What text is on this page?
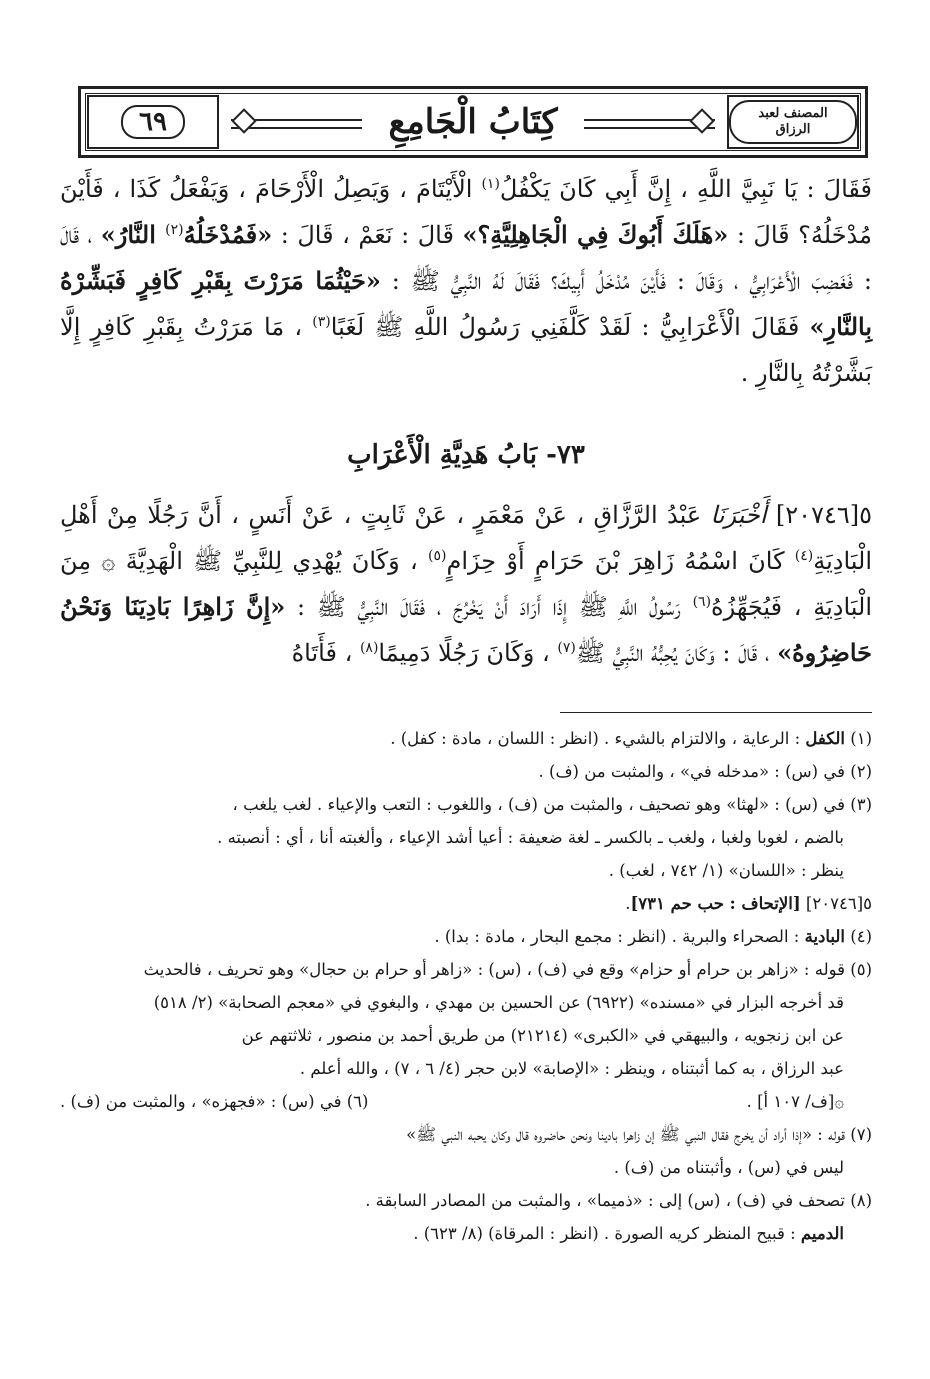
٦٩	كِتَابُ الْجَامِعِ	المصنف لعبد الرزاق

فَقَالَ : يَا نَبِيَّ اللَّهِ ، إِنَّ أَبِي كَانَ يَكْفُلُ$^{(١)}$ الْأَيْتَامَ ، وَيَصِلُ الْأَرْحَامَ ، وَيَفْعَلُ كَذَا ، فَأَيْنَ مُدْخَلُهُ؟ قَالَ : «هَلَكَ أَبُوكَ فِي الْجَاهِلِيَّةِ؟» قَالَ : نَعَمْ ، قَالَ : «فَمُدْخَلُهُ$^{(٢)}$ النَّارُ» ، قَالَ : فَغَضِبَ الْأَعْرَابِيُّ ، وَقَالَ : فَأَيْنَ مُدْخَلُ أَبِيكَ؟ فَقَالَ لَهُ النَّبِيُّ ﷺ : «حَيْثُمَا مَرَرْتَ بِقَبْرِ كَافِرٍ فَبَشِّرْهُ بِالنَّارِ» فَقَالَ الْأَعْرَابِيُّ : لَقَدْ كَلَّفَنِي رَسُولُ اللَّهِ ﷺ لَغَبًا$^{(٣)}$ ، مَا مَرَرْتُ بِقَبْرِ كَافِرٍ إِلَّا بَشَّرْتُهُ بِالنَّارِ .

٧٣- بَابُ هَدِيَّةِ الْأَعْرَابِ

٥[٢٠٧٤٦] أَخْبَرَنَا عَبْدُ الرَّزَّاقِ ، عَنْ مَعْمَرٍ ، عَنْ ثَابِتٍ ، عَنْ أَنَسٍ ، أَنَّ رَجُلًا مِنْ أَهْلِ الْبَادِيَةِ$^{(٤)}$ كَانَ اسْمُهُ زَاهِرَ بْنَ حَرَامٍ أَوْ حِزَامٍ$^{(٥)}$ ، وَكَانَ يُهْدِي لِلنَّبِيِّ ﷺ الْهَدِيَّةَ ۞ مِنَ الْبَادِيَةِ ، فَيُجَهِّزُهُ$^{(٦)}$ رَسُولُ اللَّهِ ﷺ إِذَا أَرَادَ أَنْ يَخْرُجَ ، فَقَالَ النَّبِيُّ ﷺ : «إِنَّ زَاهِرًا بَادِيَنَا وَنَحْنُ حَاضِرُوهُ» ، قَالَ : وَكَانَ يُحِبُّهُ النَّبِيُّ ﷺ$^{(٧)}$ ، وَكَانَ رَجُلًا دَمِيمًا$^{(٨)}$ ، فَأَتَاهُ

(١) الكفل : الرعاية ، والالتزام بالشيء . (انظر : اللسان ، مادة : كفل) .

(٢) في (س) : «مدخله في» ، والمثبت من (ف) .

(٣) في (س) : «لهثا» وهو تصحيف ، والمثبت من (ف) ، واللغوب : التعب والإعياء . لغب يلغب ،

بالضم ، لغوبا ولغبا ، ولغب ـ بالكسر ـ لغة ضعيفة : أعيا أشد الإعياء ، وألغبته أنا ، أي : أنصبته .

ينظر : «اللسان» (١/ ٧٤٢ ، لغب) .

٥[٢٠٧٤٦] [الإتحاف : حب حم ٧٣١].

(٤) البادية : الصحراء والبرية . (انظر : مجمع البحار ، مادة : بدا) .

(٥) قوله : «زاهر بن حرام أو حزام» وقع في (ف) ، (س) : «زاهر أو حرام بن حجال» وهو تحريف ، فالحديث

قد أخرجه البزار في «مسنده» (٦٩٢٢) عن الحسين بن مهدي ، والبغوي في «معجم الصحابة» (٢/ ٥١٨)

عن ابن زنجويه ، والبيهقي في «الكبرى» (٢١٢١٤) من طريق أحمد بن منصور ، ثلاثتهم عن

عبد الرزاق ، به كما أثبتناه ، وينظر : «الإصابة» لابن حجر (٤/ ٦ ، ٧) ، والله أعلم .

۞[ف/ ١٠٧ أ] .
(٦) في (س) : «فجهزه» ، والمثبت من (ف) .

(٧) قوله : «إذا أراد أن يخرج فقال النبي ﷺ إن زاهرا بادينا ونحن حاضروه قال وكان يحبه النبي ﷺ»

ليس في (س) ، وأثبتناه من (ف) .

(٨) تصحف في (ف) ، (س) إلى : «ذميما» ، والمثبت من المصادر السابقة .

الدميم : قبيح المنظر كريه الصورة . (انظر : المرقاة) (٨/ ٦٢٣) .
